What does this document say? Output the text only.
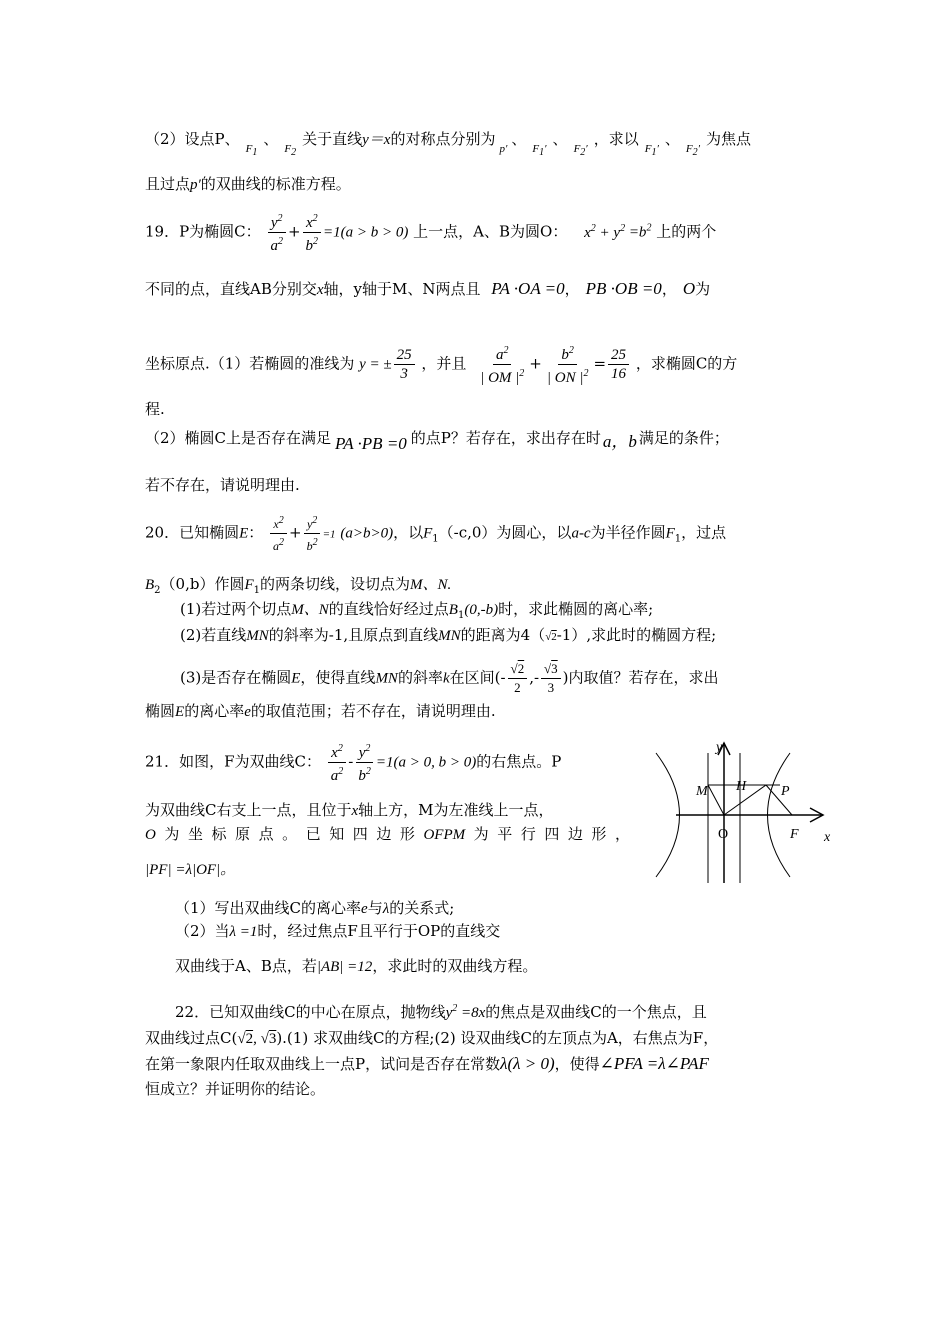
（2）设点P、$_{F_1}$、$_{F_2}$关于直线y＝x的对称点分别为$_{p'}$、$_{F_1'}$、$_{F_2'}$，求以$_{F_1'}$、$_{F_2'}$为焦点
且过点p′的双曲线的标准方程。
19．P为椭圆C： $\frac{y^2}{a^2} + \frac{x^2}{b^2} =1(a > b > 0)$ 上一点，A、B为圆O： $x^2 + y^2 =b^2$ 上的两个
不同的点，直线AB分别交x轴，y轴于M、N两点且 PA ·OA =0， PB ·OB =0， O为
坐标原点.（1）若椭圆的准线为 y = ± $\frac{25}{3}$ ，并且 $\frac{a^2}{| OM |^2} + \frac{b^2}{| ON |^2} = \frac{25}{16}$ ，求椭圆C的方
程.
（2）椭圆C上是否存在满足 PA ·PB =0 的点P？若存在，求出存在时 a，b 满足的条件；
若不存在，请说明理由.
20．已知椭圆E： $\frac{x^2}{a^2} + \frac{y^2}{b^2} =1$ (a>b>0)，以$F_1(-c,0)$为圆心，以a-c为半径作圆$F_1$，过点
$B_2(0,b)$作圆$F_1$的两条切线，设切点为M、N.
(1)若过两个切点M、N的直线恰好经过点$B_1(0,-b)$时，求此椭圆的离心率;
(2)若直线MN的斜率为-1,且原点到直线MN的距离为4（√2-1）,求此时的椭圆方程;
(3)是否存在椭圆E，使得直线MN的斜率k在区间(- $\frac{√2}{2}$ ,- $\frac{√3}{3}$ )内取值？若存在，求出
椭圆E的离心率e的取值范围；若不存在，请说明理由.
21．如图，F为双曲线C： $\frac{x^2}{a^2} - \frac{y^2}{b^2} =1(a > 0$, b > 0)的右焦点。P
为双曲线C右支上一点，且位于x轴上方，M为左准线上一点，
O为坐标原点。已知四边形OFPM为平行四边形，
|PF| =λ|OF|。
（1）写出双曲线C的离心率e与λ的关系式;
（2）当λ =1时，经过焦点F且平行于OP的直线交
双曲线于A、B点，若|AB| =12，求此时的双曲线方程。
y
M H P
O	F x
22．已知双曲线C的中心在原点，抛物线$y^2 =8x$的焦点是双曲线C的一个焦点，且
双曲线过点C(√2, √3).(1) 求双曲线C的方程;(2) 设双曲线C的左顶点为A，右焦点为F，
在第一象限内任取双曲线上一点P，试问是否存在常数λ(λ > 0)，使得∠PFA =λ∠PAF
恒成立？并证明你的结论。
